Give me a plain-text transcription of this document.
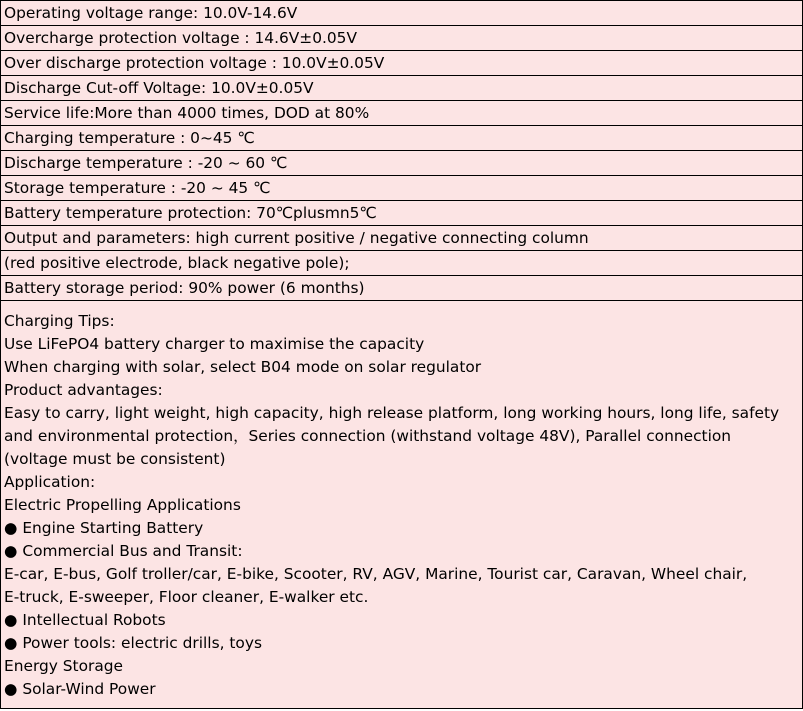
Operating voltage range: 10.0V-14.6V
Overcharge protection voltage : 14.6V±0.05V
Over discharge protection voltage : 10.0V±0.05V
Discharge Cut-off Voltage: 10.0V±0.05V
Service life:More than 4000 times, DOD at 80%
Charging temperature : 0~45 ℃
Discharge temperature : -20 ~ 60 ℃
Storage temperature : -20 ~ 45 ℃
Battery temperature protection: 70℃plusmn5℃
Output and parameters: high current positive / negative connecting column
(red positive electrode, black negative pole);
Battery storage period: 90% power (6 months)

Charging Tips:
Use LiFePO4 battery charger to maximise the capacity
When charging with solar, select B04 mode on solar regulator
Product advantages:
Easy to carry, light weight, high capacity, high release platform, long working hours, long life, safety and environmental protection，Series connection (withstand voltage 48V), Parallel connection (voltage must be consistent)
Application:
Electric Propelling Applications
● Engine Starting Battery
● Commercial Bus and Transit:
E-car, E-bus, Golf troller/car, E-bike, Scooter, RV, AGV, Marine, Tourist car, Caravan, Wheel chair,
E-truck, E-sweeper, Floor cleaner, E-walker etc.
● Intellectual Robots
● Power tools: electric drills, toys
Energy Storage
● Solar-Wind Power
